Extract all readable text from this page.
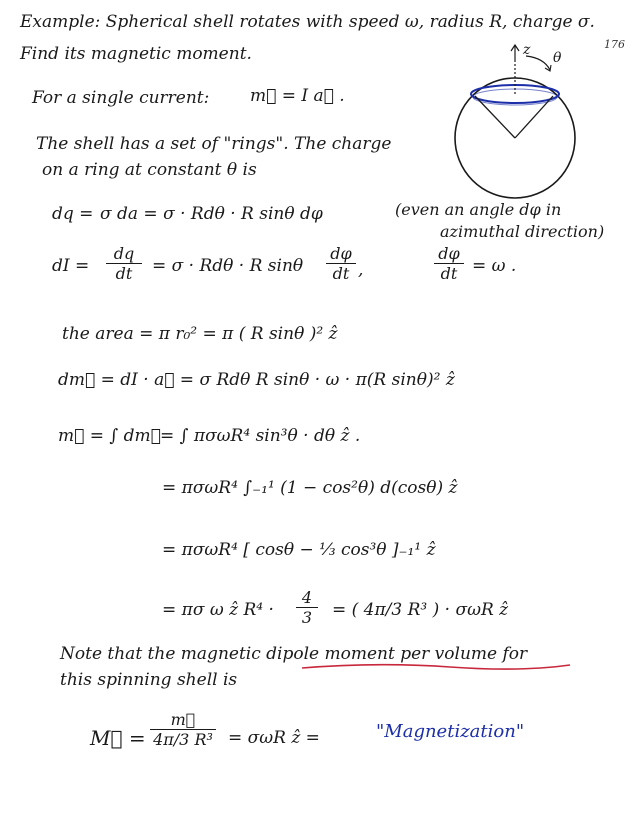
176
Example: Spherical shell rotates with speed ω, radius R, charge σ.
Find its magnetic moment.
For a single current: m⃗ = I a⃗ .
The shell has a set of "rings". The charge
on a ring at constant θ is
z θ
dq = σ da = σ · Rdθ · R sinθ dφ	(even an angle dφ in
azimuthal direction)
dI = $\frac{dq}{dt} = \sigma \cdot Rd\theta \cdot R$ sinθ $\frac{d\varphi}{dt}$ ,	$\frac{d\varphi}{dt} = \omega$ .
the area = π r₀² = π ( R sinθ )² ẑ
dm⃗ = dI · a⃗ = σ Rdθ R sinθ · ω · π(R sinθ)² ẑ
m⃗ = ∫ dm⃗ = ∫ πσωR⁴ sin³θ · dθ ẑ .
= πσωR⁴ ∫₋₁¹ (1 − cos²θ) d(cosθ) ẑ
= πσωR⁴ [ cosθ − ⅓ cos³θ ]₋₁¹ ẑ
= πσ ω ẑ $R^4 \cdot \frac{4}{3}$ = ( 4π/3 R³ ) · σωR ẑ
Note that the magnetic dipole moment per volume for
this spinning shell is
M⃗ = $\frac{m⃗}{\text{4π/3 R³}} = \sigma\omega R$ ẑ =	"Magnetization"
